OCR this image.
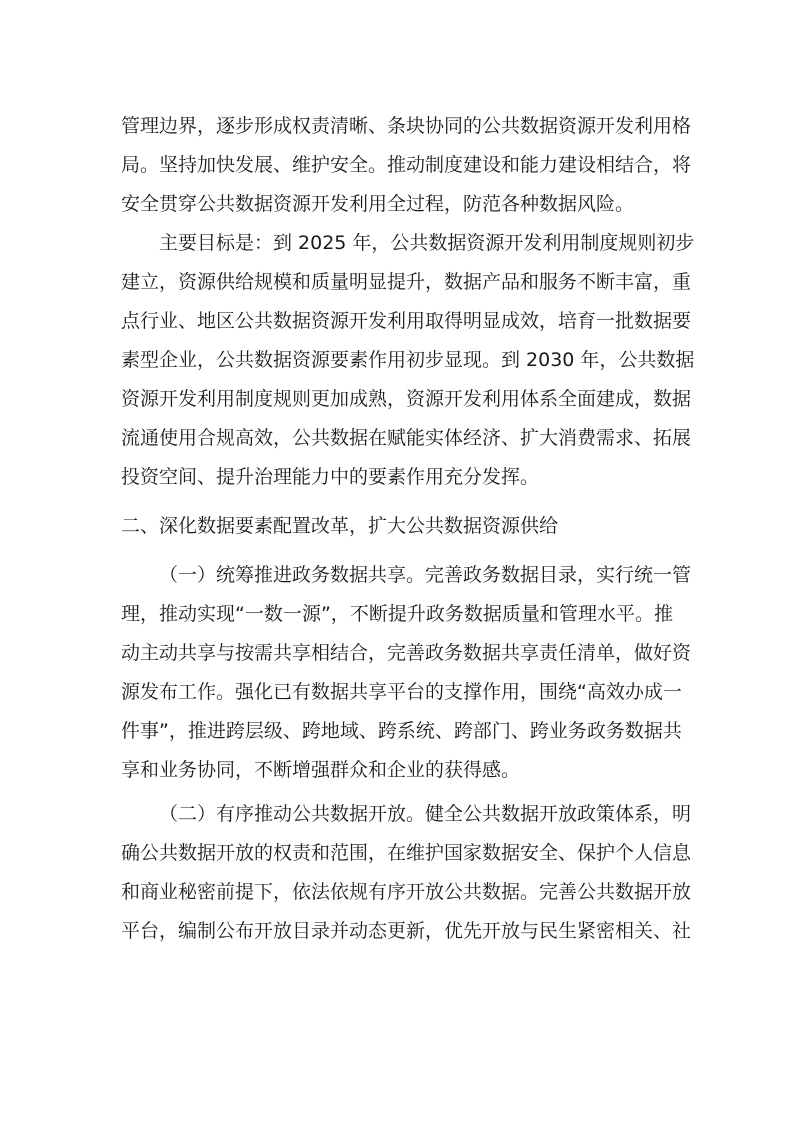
管理边界，逐步形成权责清晰、条块协同的公共数据资源开发利用格
局。坚持加快发展、维护安全。推动制度建设和能力建设相结合，将
安全贯穿公共数据资源开发利用全过程，防范各种数据风险。
主要目标是：到 2025 年，公共数据资源开发利用制度规则初步
建立，资源供给规模和质量明显提升，数据产品和服务不断丰富，重
点行业、地区公共数据资源开发利用取得明显成效，培育一批数据要
素型企业，公共数据资源要素作用初步显现。到 2030 年，公共数据
资源开发利用制度规则更加成熟，资源开发利用体系全面建成，数据
流通使用合规高效，公共数据在赋能实体经济、扩大消费需求、拓展
投资空间、提升治理能力中的要素作用充分发挥。
二、深化数据要素配置改革，扩大公共数据资源供给
（一）统筹推进政务数据共享。完善政务数据目录，实行统一管
理，推动实现“一数一源”，不断提升政务数据质量和管理水平。推
动主动共享与按需共享相结合，完善政务数据共享责任清单，做好资
源发布工作。强化已有数据共享平台的支撑作用，围绕“高效办成一
件事”，推进跨层级、跨地域、跨系统、跨部门、跨业务政务数据共
享和业务协同，不断增强群众和企业的获得感。
（二）有序推动公共数据开放。健全公共数据开放政策体系，明
确公共数据开放的权责和范围，在维护国家数据安全、保护个人信息
和商业秘密前提下，依法依规有序开放公共数据。完善公共数据开放
平台，编制公布开放目录并动态更新，优先开放与民生紧密相关、社
